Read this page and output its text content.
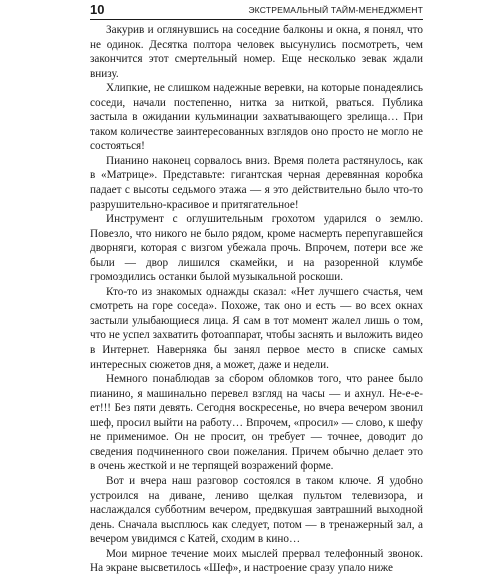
10	ЭКСТРЕМАЛЬНЫЙ ТАЙМ-МЕНЕДЖМЕНТ

Закурив и оглянувшись на соседние балконы и окна, я понял, что не одинок. Десятка полтора человек высунулись посмотреть, чем закончится этот смертельный номер. Еще несколько зевак ждали внизу.

Хлипкие, не слишком надежные веревки, на которые понадеялись соседи, начали постепенно, нитка за ниткой, рваться. Публика застыла в ожидании кульминации захватывающего зрелища… При таком количестве заинтересованных взглядов оно просто не могло не состояться!

Пианино наконец сорвалось вниз. Время полета растянулось, как в «Матрице». Представьте: гигантская черная деревянная коробка падает с высоты седьмого этажа — я это действительно было что-то разрушительно-красивое и притягательное!

Инструмент с оглушительным грохотом ударился о землю. Повезло, что никого не было рядом, кроме насмерть перепугавшейся дворняги, которая с визгом убежала прочь. Впрочем, потери все же были — двор лишился скамейки, и на разоренной клумбе громоздились останки былой музыкальной роскоши.

Кто-то из знакомых однажды сказал: «Нет лучшего счастья, чем смотреть на горе соседа». Похоже, так оно и есть — во всех окнах застыли улыбающиеся лица. Я сам в тот момент жалел лишь о том, что не успел захватить фотоаппарат, чтобы заснять и выложить видео в Интернет. Наверняка бы занял первое место в списке самых интересных сюжетов дня, а может, даже и недели.

Немного понаблюдав за сбором обломков того, что ранее было пианино, я машинально перевел взгляд на часы — и ахнул. Не-е-е-ет!!! Без пяти девять. Сегодня воскресенье, но вчера вечером звонил шеф, просил выйти на работу… Впрочем, «просил» — слово, к шефу не применимое. Он не просит, он требует — точнее, доводит до сведения подчиненного свои пожелания. Причем обычно делает это в очень жесткой и не терпящей возражений форме.

Вот и вчера наш разговор состоялся в таком ключе. Я удобно устроился на диване, лениво щелкая пультом телевизора, и наслаждался субботним вечером, предвкушая завтрашний выходной день. Сначала высплюсь как следует, потом — в тренажерный зал, а вечером увидимся с Катей, сходим в кино…

Мои мирное течение моих мыслей прервал телефонный звонок. На экране высветилось «Шеф», и настроение сразу упало ниже
